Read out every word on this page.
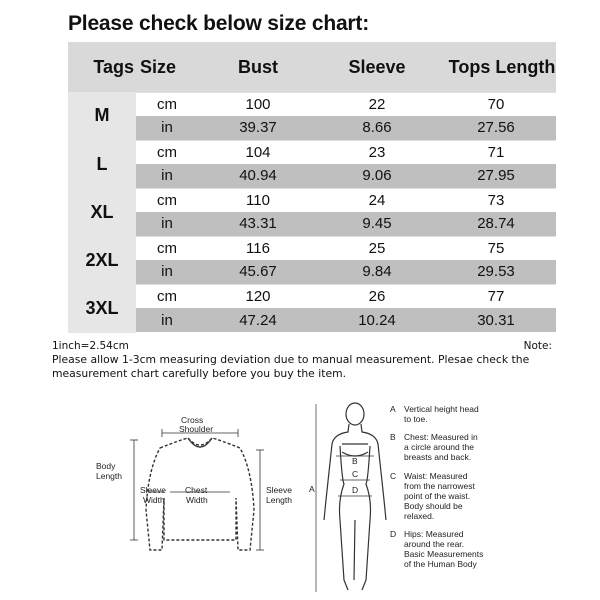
Please check below size chart:
Tags	Size	Bust	Sleeve	Tops Length
M	cm	100	22	70
	in	39.37	8.66	27.56
L	cm	104	23	71
	in	40.94	9.06	27.95
XL	cm	110	24	73
	in	43.31	9.45	28.74
2XL	cm	116	25	75
	in	45.67	9.84	29.53
3XL	cm	120	26	77
	in	47.24	10.24	30.31
1inch=2.54cm	Note:
Please allow 1-3cm measuring deviation due to manual measurement. Plesae check the measurement chart carefully before you buy the item.
Cross
Shoulder
Body
Length
Sleeve
Width
Chest
Width
Sleeve
Length
A
B
C
D
A Vertical height head
to toe.
B Chest: Measured in
a circle around the
breasts and back.
C Waist: Measured
from the narrowest
point of the waist.
Body should be
relaxed.
D Hips: Measured
around the rear.
Basic Measurements
of the Human Body
